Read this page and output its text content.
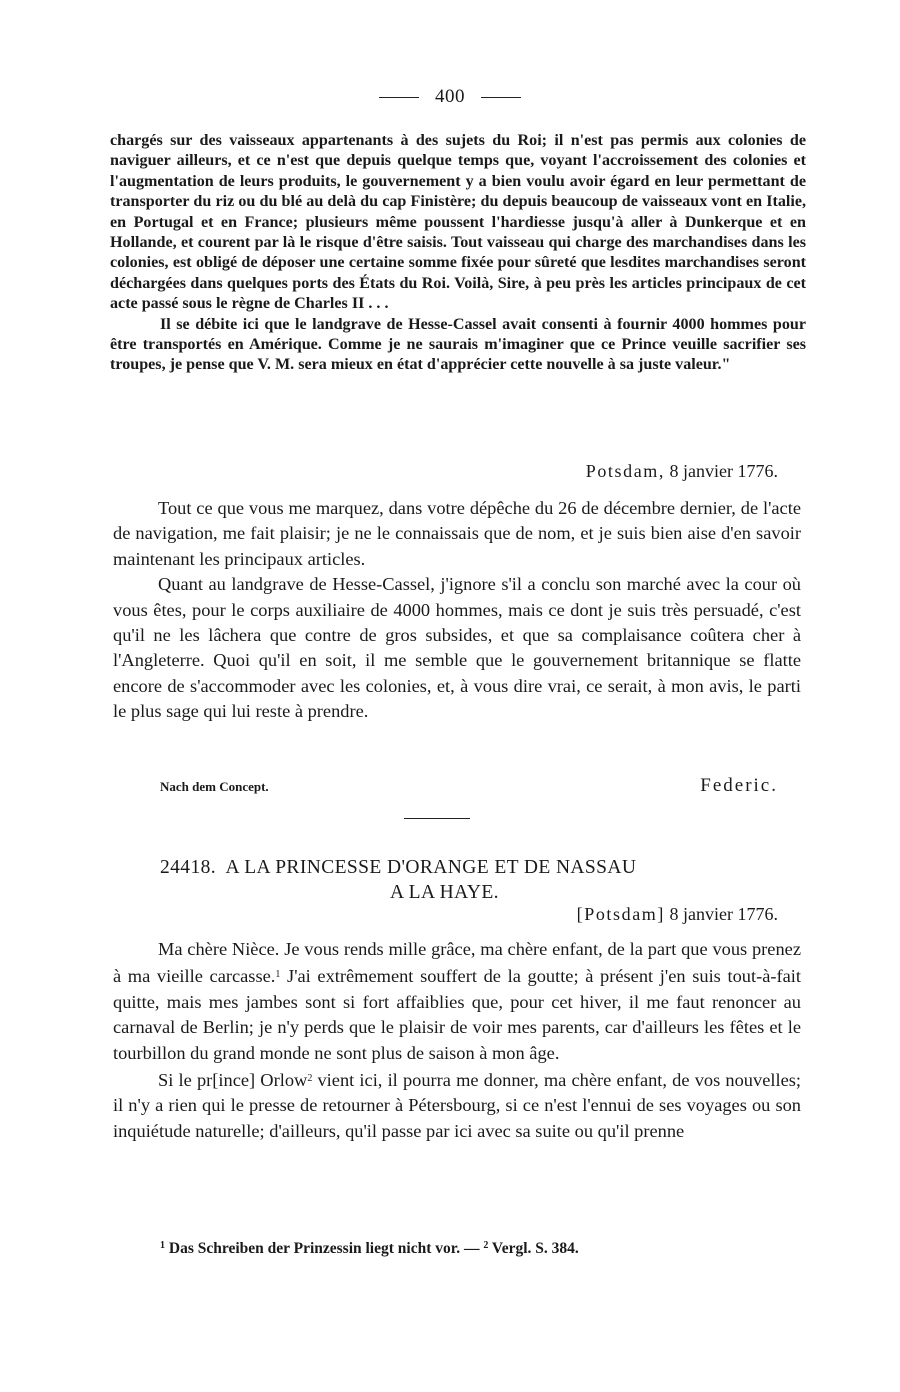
400

chargés sur des vaisseaux appartenants à des sujets du Roi; il n'est pas permis aux colonies de naviguer ailleurs, et ce n'est que depuis quelque temps que, voyant l'accroissement des colonies et l'augmentation de leurs produits, le gouvernement y a bien voulu avoir égard en leur permettant de transporter du riz ou du blé au delà du cap Finistère; du depuis beaucoup de vaisseaux vont en Italie, en Portugal et en France; plusieurs même poussent l'hardiesse jusqu'à aller à Dunkerque et en Hollande, et courent par là le risque d'être saisis. Tout vaisseau qui charge des marchandises dans les colonies, est obligé de déposer une certaine somme fixée pour sûreté que lesdites marchandises seront déchargées dans quelques ports des États du Roi. Voilà, Sire, à peu près les articles principaux de cet acte passé sous le règne de Charles II . . .

Il se débite ici que le landgrave de Hesse-Cassel avait consenti à fournir 4000 hommes pour être transportés en Amérique. Comme je ne saurais m'imaginer que ce Prince veuille sacrifier ses troupes, je pense que V. M. sera mieux en état d'apprécier cette nouvelle à sa juste valeur."

Potsdam, 8 janvier 1776.

Tout ce que vous me marquez, dans votre dépêche du 26 de décembre dernier, de l'acte de navigation, me fait plaisir; je ne le connaissais que de nom, et je suis bien aise d'en savoir maintenant les principaux articles.

Quant au landgrave de Hesse-Cassel, j'ignore s'il a conclu son marché avec la cour où vous êtes, pour le corps auxiliaire de 4000 hommes, mais ce dont je suis très persuadé, c'est qu'il ne les lâchera que contre de gros subsides, et que sa complaisance coûtera cher à l'Angleterre. Quoi qu'il en soit, il me semble que le gouvernement britannique se flatte encore de s'accommoder avec les colonies, et, à vous dire vrai, ce serait, à mon avis, le parti le plus sage qui lui reste à prendre.

Nach dem Concept.	Federic.
24418. A LA PRINCESSE D'ORANGE ET DE NASSAU
A LA HAYE.
[Potsdam] 8 janvier 1776.

Ma chère Nièce. Je vous rends mille grâce, ma chère enfant, de la part que vous prenez à ma vieille carcasse.$^1$ J'ai extrêmement souffert de la goutte; à présent j'en suis tout-à-fait quitte, mais mes jambes sont si fort affaiblies que, pour cet hiver, il me faut renoncer au carnaval de Berlin; je n'y perds que le plaisir de voir mes parents, car d'ailleurs les fêtes et le tourbillon du grand monde ne sont plus de saison à mon âge.

Si le pr[ince] Orlow$^2$ vient ici, il pourra me donner, ma chère enfant, de vos nouvelles; il n'y a rien qui le presse de retourner à Pétersbourg, si ce n'est l'ennui de ses voyages ou son inquiétude naturelle; d'ailleurs, qu'il passe par ici avec sa suite ou qu'il prenne

$^1$ Das Schreiben der Prinzessin liegt nicht vor. — $^2$ Vergl. S. 384.
